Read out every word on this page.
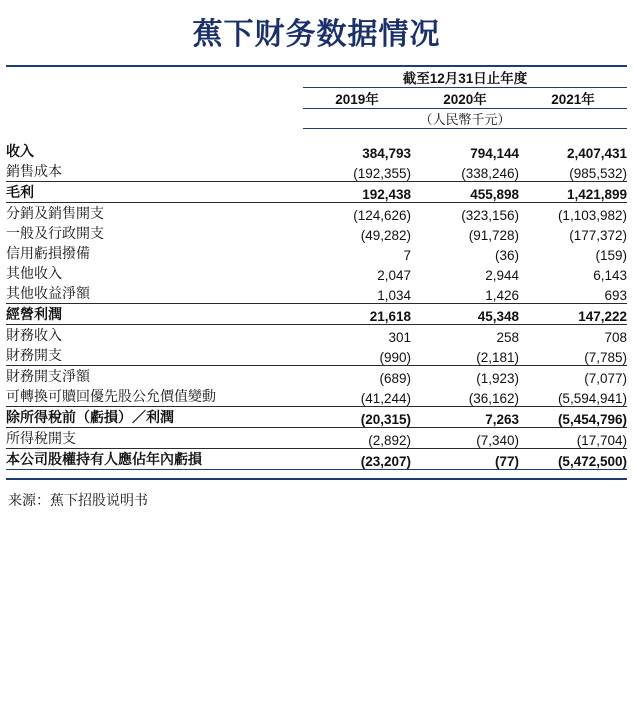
蕉下财务数据情况
	截至12月31日止年度		
	2019年	2020年	2021年
	（人民幣千元）		

收入	384,793	794,144	2,407,431
銷售成本	(192,355)	(338,246)	(985,532)
毛利	192,438	455,898	1,421,899
分銷及銷售開支	(124,626)	(323,156)	(1,103,982)
一般及行政開支	(49,282)	(91,728)	(177,372)
信用虧損撥備	7	(36)	(159)
其他收入	2,047	2,944	6,143
其他收益淨額	1,034	1,426	693
經營利潤	21,618	45,348	147,222
財務收入	301	258	708
財務開支	(990)	(2,181)	(7,785)
財務開支淨額	(689)	(1,923)	(7,077)
可轉換可贖回優先股公允價值變動	(41,244)	(36,162)	(5,594,941)
除所得稅前（虧損）／利潤	(20,315)	7,263	(5,454,796)
所得稅開支	(2,892)	(7,340)	(17,704)
本公司股權持有人應佔年內虧損	(23,207)	(77)	(5,472,500)
来源：蕉下招股说明书
